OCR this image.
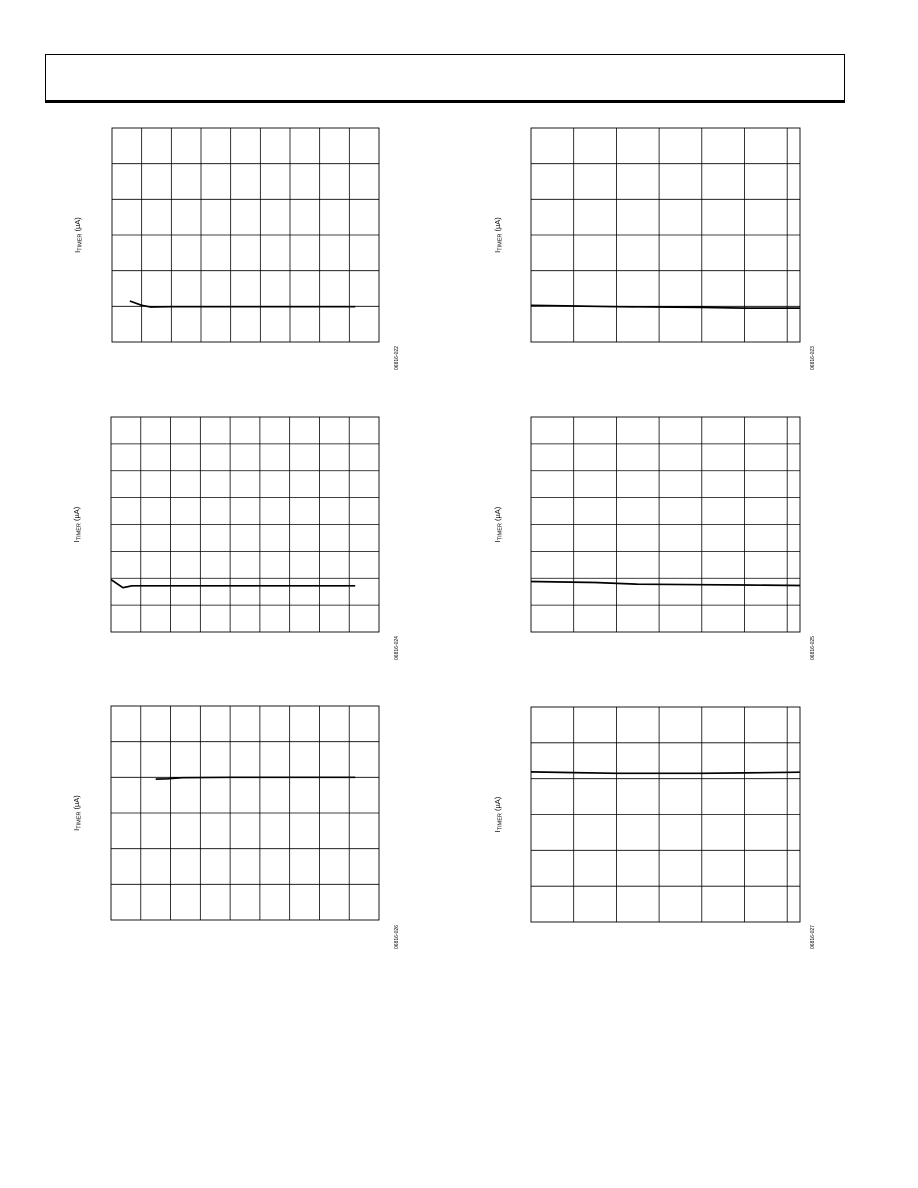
$I_{TIMER}$ (µA)
06816-022
$I_{TIMER}$ (µA)
06816-023
$I_{TIMER}$ (µA)
06816-024
$I_{TIMER}$ (µA)
06816-025
$I_{TIMER}$ (µA)
06816-026
$I_{TIMER}$ (µA)
06816-027
